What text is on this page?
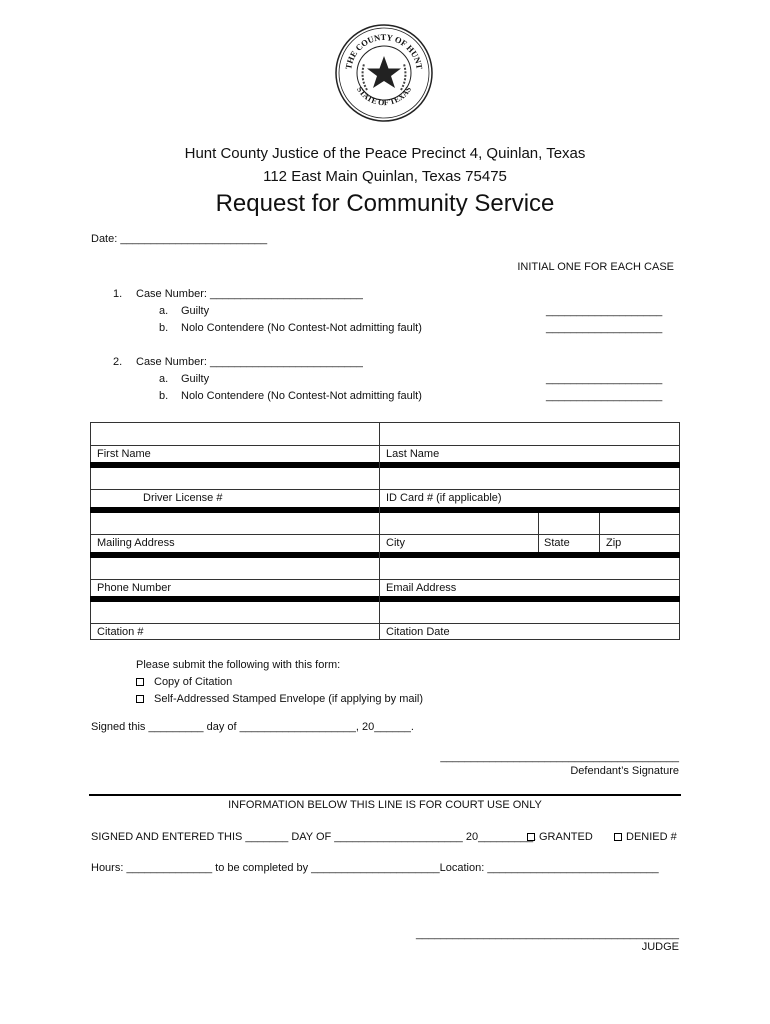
THE COUNTY OF HUNT
STATE OF TEXAS
Hunt County Justice of the Peace Precinct 4, Quinlan, Texas
112 East Main Quinlan, Texas 75475
Request for Community Service
Date: ________________________
INITIAL ONE FOR EACH CASE
1. Case Number: _________________________
a. Guilty	___________________
b. Nolo Contendere (No Contest-Not admitting fault)	___________________
2. Case Number: _________________________
a. Guilty	___________________
b. Nolo Contendere (No Contest-Not admitting fault)	___________________
First Name	Last Name
Driver License #	ID Card # (if applicable)
Mailing Address	City	State	Zip
Phone Number	Email Address
Citation #	Citation Date
Please submit the following with this form:
Copy of Citation
Self-Addressed Stamped Envelope (if applying by mail)
Signed this _________ day of ___________________, 20______.
_______________________________________
Defendant’s Signature
INFORMATION BELOW THIS LINE IS FOR COURT USE ONLY
SIGNED AND ENTERED THIS _______ DAY OF _____________________ 20_________. GRANTED	DENIED #
Hours: ______________ to be completed by _____________________Location: ____________________________
___________________________________________
JUDGE
